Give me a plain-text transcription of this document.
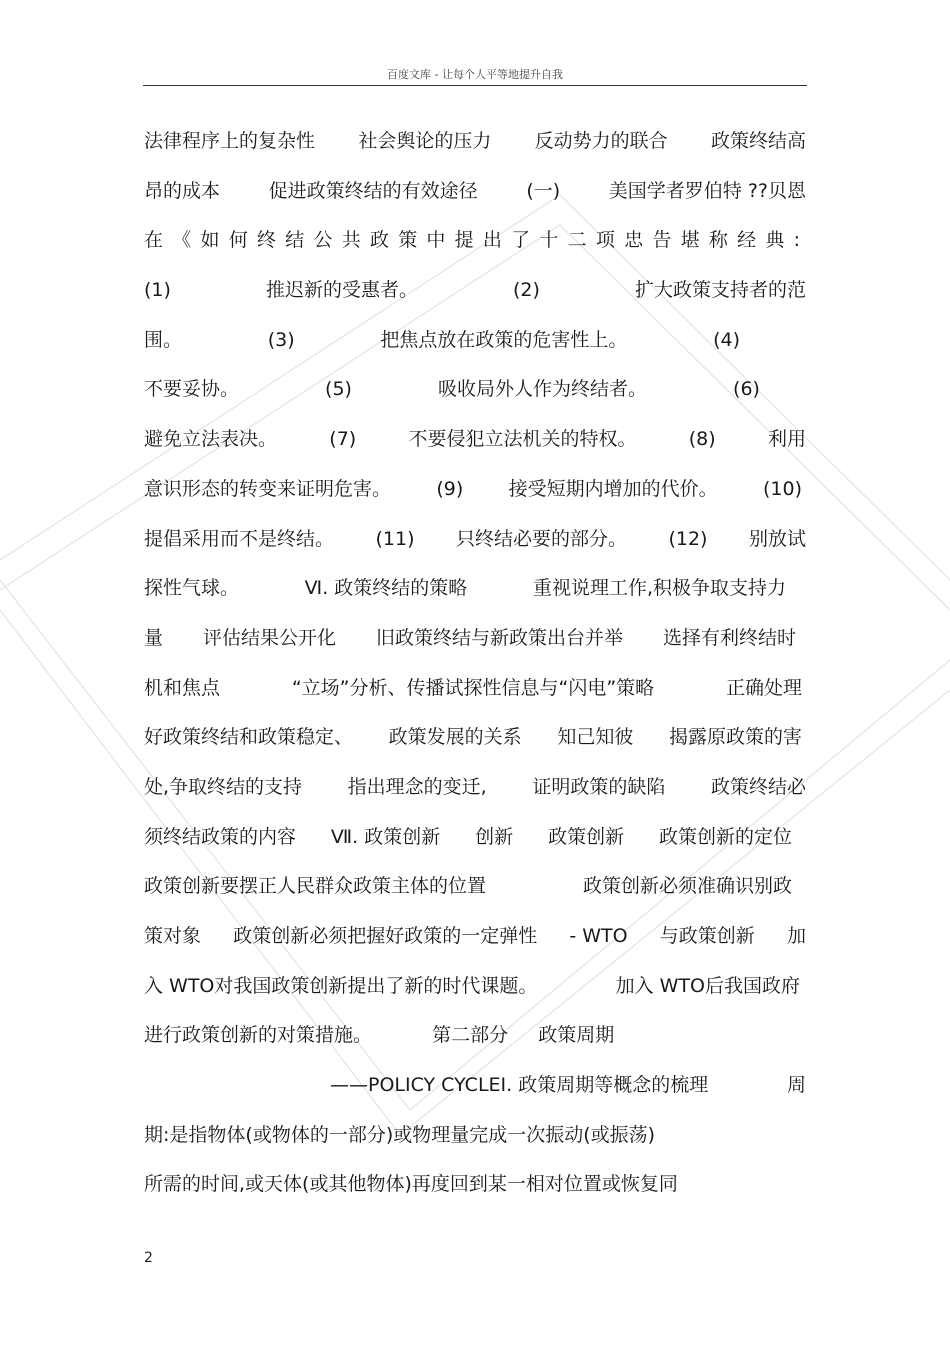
百度文库 - 让每个人平等地提升自我
法律程序上的复杂性 社会舆论的压力 反动势力的联合 政策终结高
昂的成本	促进政策终结的有效途径	(一)	美国学者罗伯特 ??贝恩
在《如何终结公共政策中提出了十二项忠告堪称经典:
(1)	推迟新的受惠者。	(2)	扩大政策支持者的范
围。	(3)	把焦点放在政策的危害性上。	(4)
不要妥协。	(5)	吸收局外人作为终结者。	(6)
避免立法表决。	(7)	不要侵犯立法机关的特权。	(8)	利用
意识形态的转变来证明危害。 (9) 接受短期内增加的代价。 (10)
提倡采用而不是终结。 (11) 只终结必要的部分。 (12) 别放试
探性气球。	Ⅵ. 政策终结的策略	重视说理工作,积极争取支持力
量 评估结果公开化 旧政策终结与新政策出台并举 选择有利终结时
机和焦点	“立场”分析、传播试探性信息与“闪电”策略	正确处理
好政策终结和政策稳定、 政策发展的关系 知己知彼 揭露原政策的害
处,争取终结的支持 指出理念的变迁, 证明政策的缺陷 政策终结必
须终结政策的内容 Ⅶ. 政策创新 创新 政策创新 政策创新的定位
政策创新要摆正人民群众政策主体的位置	政策创新必须准确识别政
策对象 政策创新必须把握好政策的一定弹性 - WTO 与政策创新 加
入 WTO对我国政策创新提出了新的时代课题。	加入 WTO后我国政府
进行政策创新的对策措施。	第二部分 政策周期
——POLICY CYCLEⅠ. 政策周期等概念的梳理	周
期:是指物体(或物体的一部分)或物理量完成一次振动(或振荡)
所需的时间,或天体(或其他物体)再度回到某一相对位置或恢复同
2
